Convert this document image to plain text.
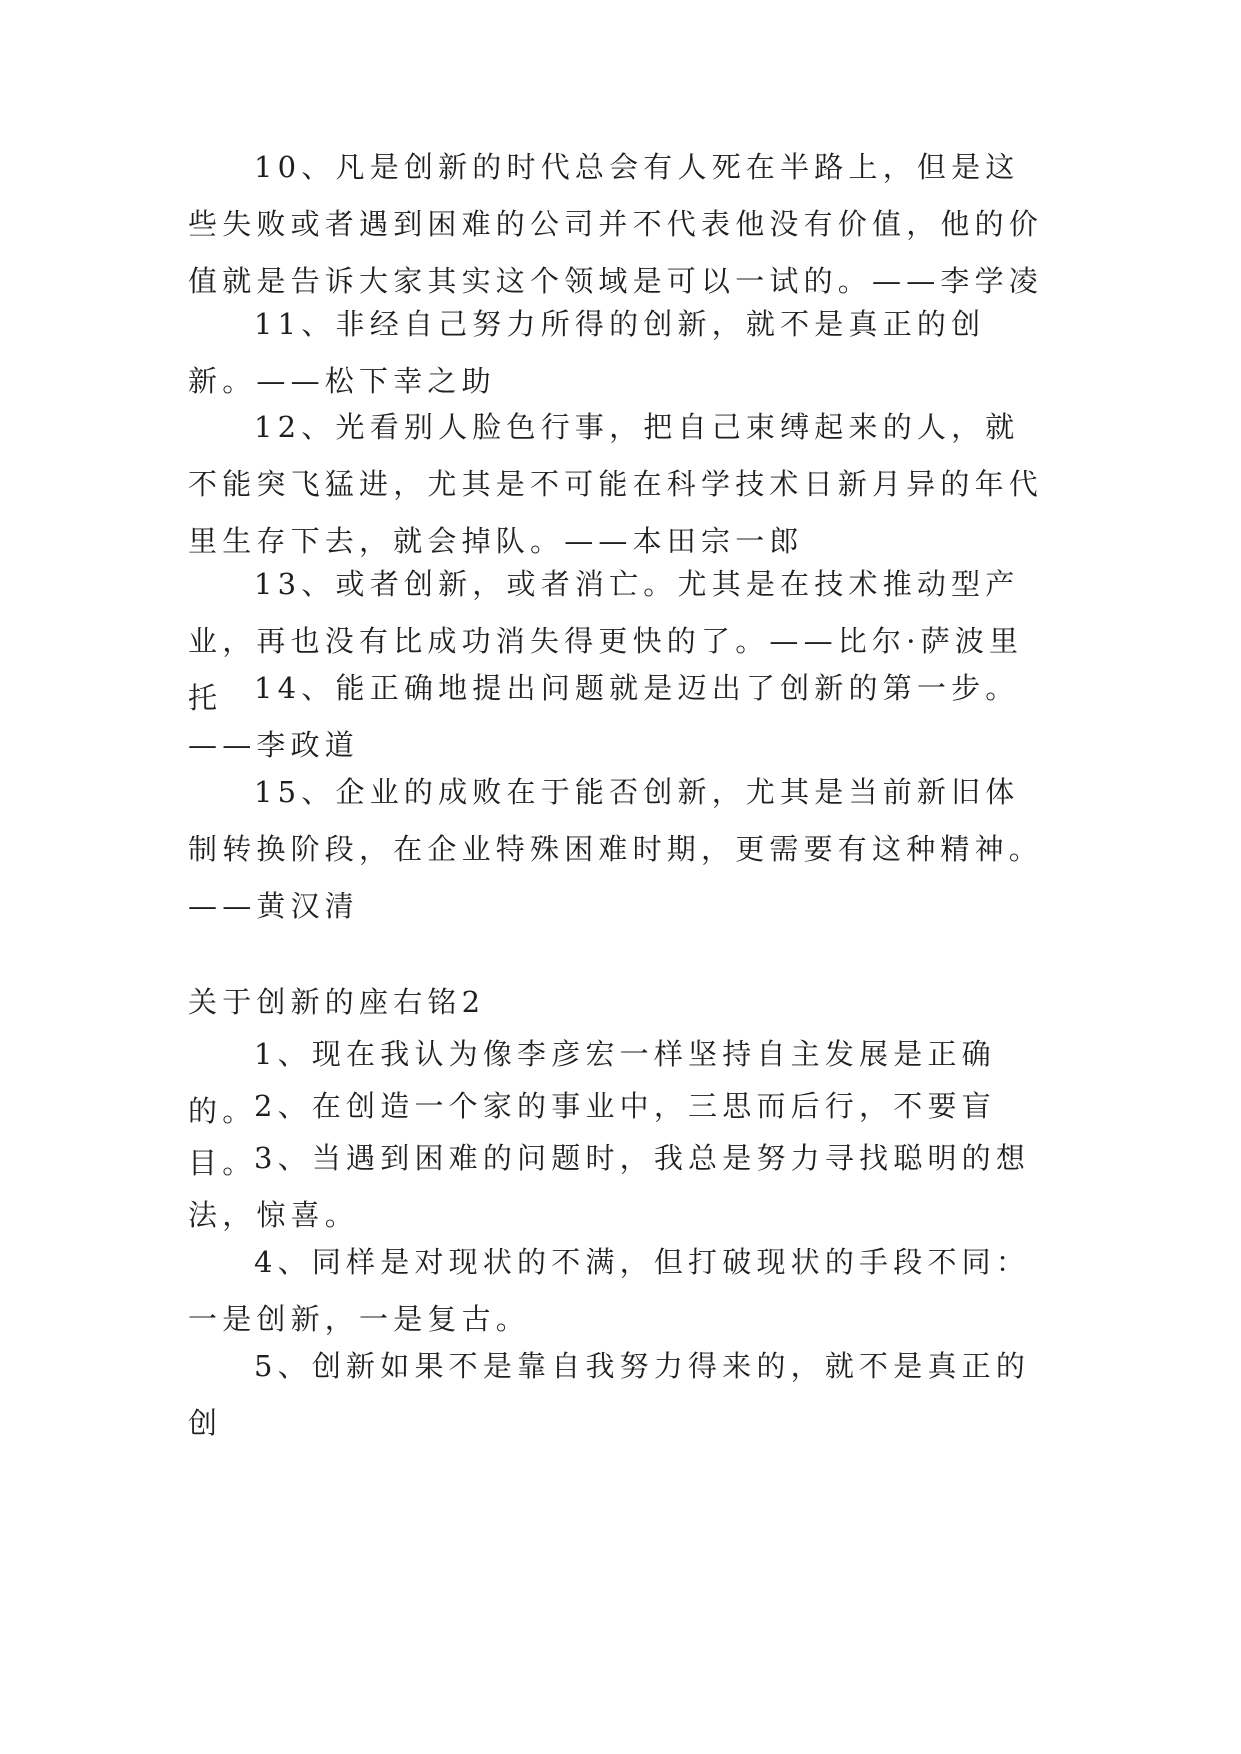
10、凡是创新的时代总会有人死在半路上，但是这些失败或者遇到困难的公司并不代表他没有价值，他的价值就是告诉大家其实这个领域是可以一试的。——李学凌

11、非经自己努力所得的创新，就不是真正的创新。——松下幸之助

12、光看别人脸色行事，把自己束缚起来的人，就不能突飞猛进，尤其是不可能在科学技术日新月异的年代里生存下去，就会掉队。——本田宗一郎

13、或者创新，或者消亡。尤其是在技术推动型产业，再也没有比成功消失得更快的了。——比尔·萨波里托	14、能正确地提出问题就是迈出了创新的第一步。——李政道

15、企业的成败在于能否创新，尤其是当前新旧体制转换阶段，在企业特殊困难时期，更需要有这种精神。——黄汉清

关于创新的座右铭2

1、现在我认为像李彦宏一样坚持自主发展是正确的。

2、在创造一个家的事业中，三思而后行，不要盲目。

3、当遇到困难的问题时，我总是努力寻找聪明的想法，惊喜。

4、同样是对现状的不满，但打破现状的手段不同：一是创新，一是复古。

5、创新如果不是靠自我努力得来的，就不是真正的创
